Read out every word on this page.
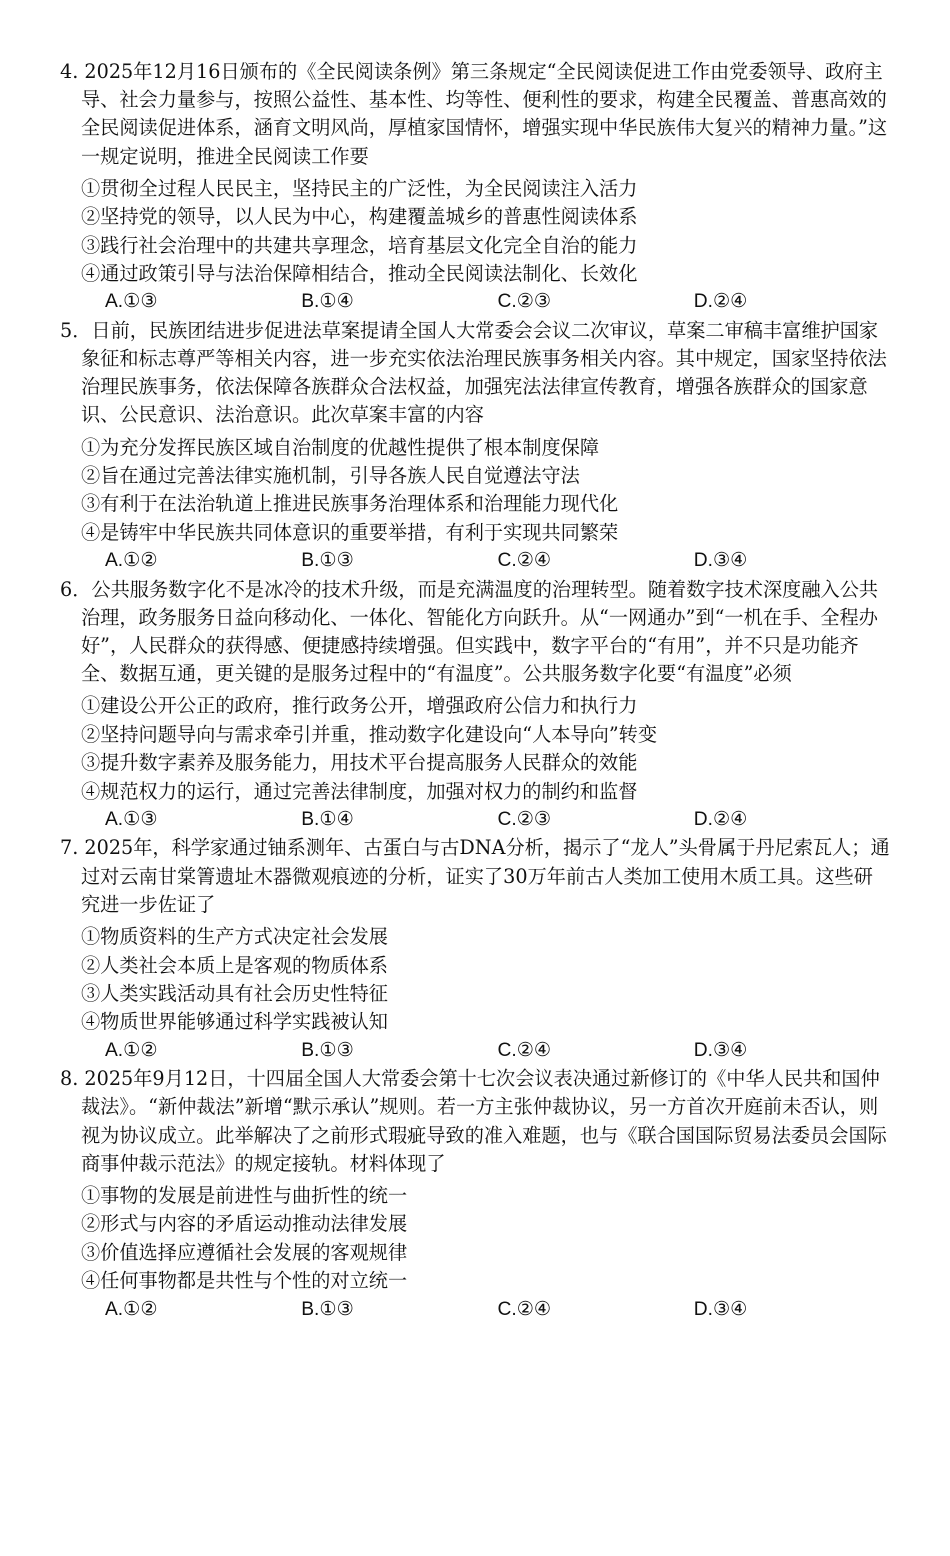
4. 2025年12月16日颁布的《全民阅读条例》第三条规定“全民阅读促进工作由党委领导、政府主导、社会力量参与，按照公益性、基本性、均等性、便利性的要求，构建全民覆盖、普惠高效的全民阅读促进体系，涵育文明风尚，厚植家国情怀，增强实现中华民族伟大复兴的精神力量。”这一规定说明，推进全民阅读工作要

①贯彻全过程人民民主，坚持民主的广泛性，为全民阅读注入活力

②坚持党的领导，以人民为中心，构建覆盖城乡的普惠性阅读体系

③践行社会治理中的共建共享理念，培育基层文化完全自治的能力

④通过政策引导与法治保障相结合，推动全民阅读法制化、长效化

A.①③	B.①④	C.②③	D.②④

5．日前，民族团结进步促进法草案提请全国人大常委会会议二次审议，草案二审稿丰富维护国家象征和标志尊严等相关内容，进一步充实依法治理民族事务相关内容。其中规定，国家坚持依法治理民族事务，依法保障各族群众合法权益，加强宪法法律宣传教育，增强各族群众的国家意识、公民意识、法治意识。此次草案丰富的内容

①为充分发挥民族区域自治制度的优越性提供了根本制度保障

②旨在通过完善法律实施机制，引导各族人民自觉遵法守法

③有利于在法治轨道上推进民族事务治理体系和治理能力现代化

④是铸牢中华民族共同体意识的重要举措，有利于实现共同繁荣

A.①②	B.①③	C.②④	D.③④

6．公共服务数字化不是冰冷的技术升级，而是充满温度的治理转型。随着数字技术深度融入公共治理，政务服务日益向移动化、一体化、智能化方向跃升。从“一网通办”到“一机在手、全程办好”，人民群众的获得感、便捷感持续增强。但实践中，数字平台的“有用”，并不只是功能齐全、数据互通，更关键的是服务过程中的“有温度”。公共服务数字化要“有温度”必须

①建设公开公正的政府，推行政务公开，增强政府公信力和执行力

②坚持问题导向与需求牵引并重，推动数字化建设向“人本导向”转变

③提升数字素养及服务能力，用技术平台提高服务人民群众的效能

④规范权力的运行，通过完善法律制度，加强对权力的制约和监督

A.①③	B.①④	C.②③	D.②④

7. 2025年，科学家通过铀系测年、古蛋白与古DNA分析，揭示了“龙人”头骨属于丹尼索瓦人；通过对云南甘棠箐遗址木器微观痕迹的分析，证实了30万年前古人类加工使用木质工具。这些研究进一步佐证了

①物质资料的生产方式决定社会发展

②人类社会本质上是客观的物质体系

③人类实践活动具有社会历史性特征

④物质世界能够通过科学实践被认知

A.①②	B.①③	C.②④	D.③④

8. 2025年9月12日，十四届全国人大常委会第十七次会议表决通过新修订的《中华人民共和国仲裁法》。“新仲裁法”新增“默示承认”规则。若一方主张仲裁协议，另一方首次开庭前未否认，则视为协议成立。此举解决了之前形式瑕疵导致的准入难题，也与《联合国国际贸易法委员会国际商事仲裁示范法》的规定接轨。材料体现了

①事物的发展是前进性与曲折性的统一

②形式与内容的矛盾运动推动法律发展

③价值选择应遵循社会发展的客观规律

④任何事物都是共性与个性的对立统一

A.①②	B.①③	C.②④	D.③④
